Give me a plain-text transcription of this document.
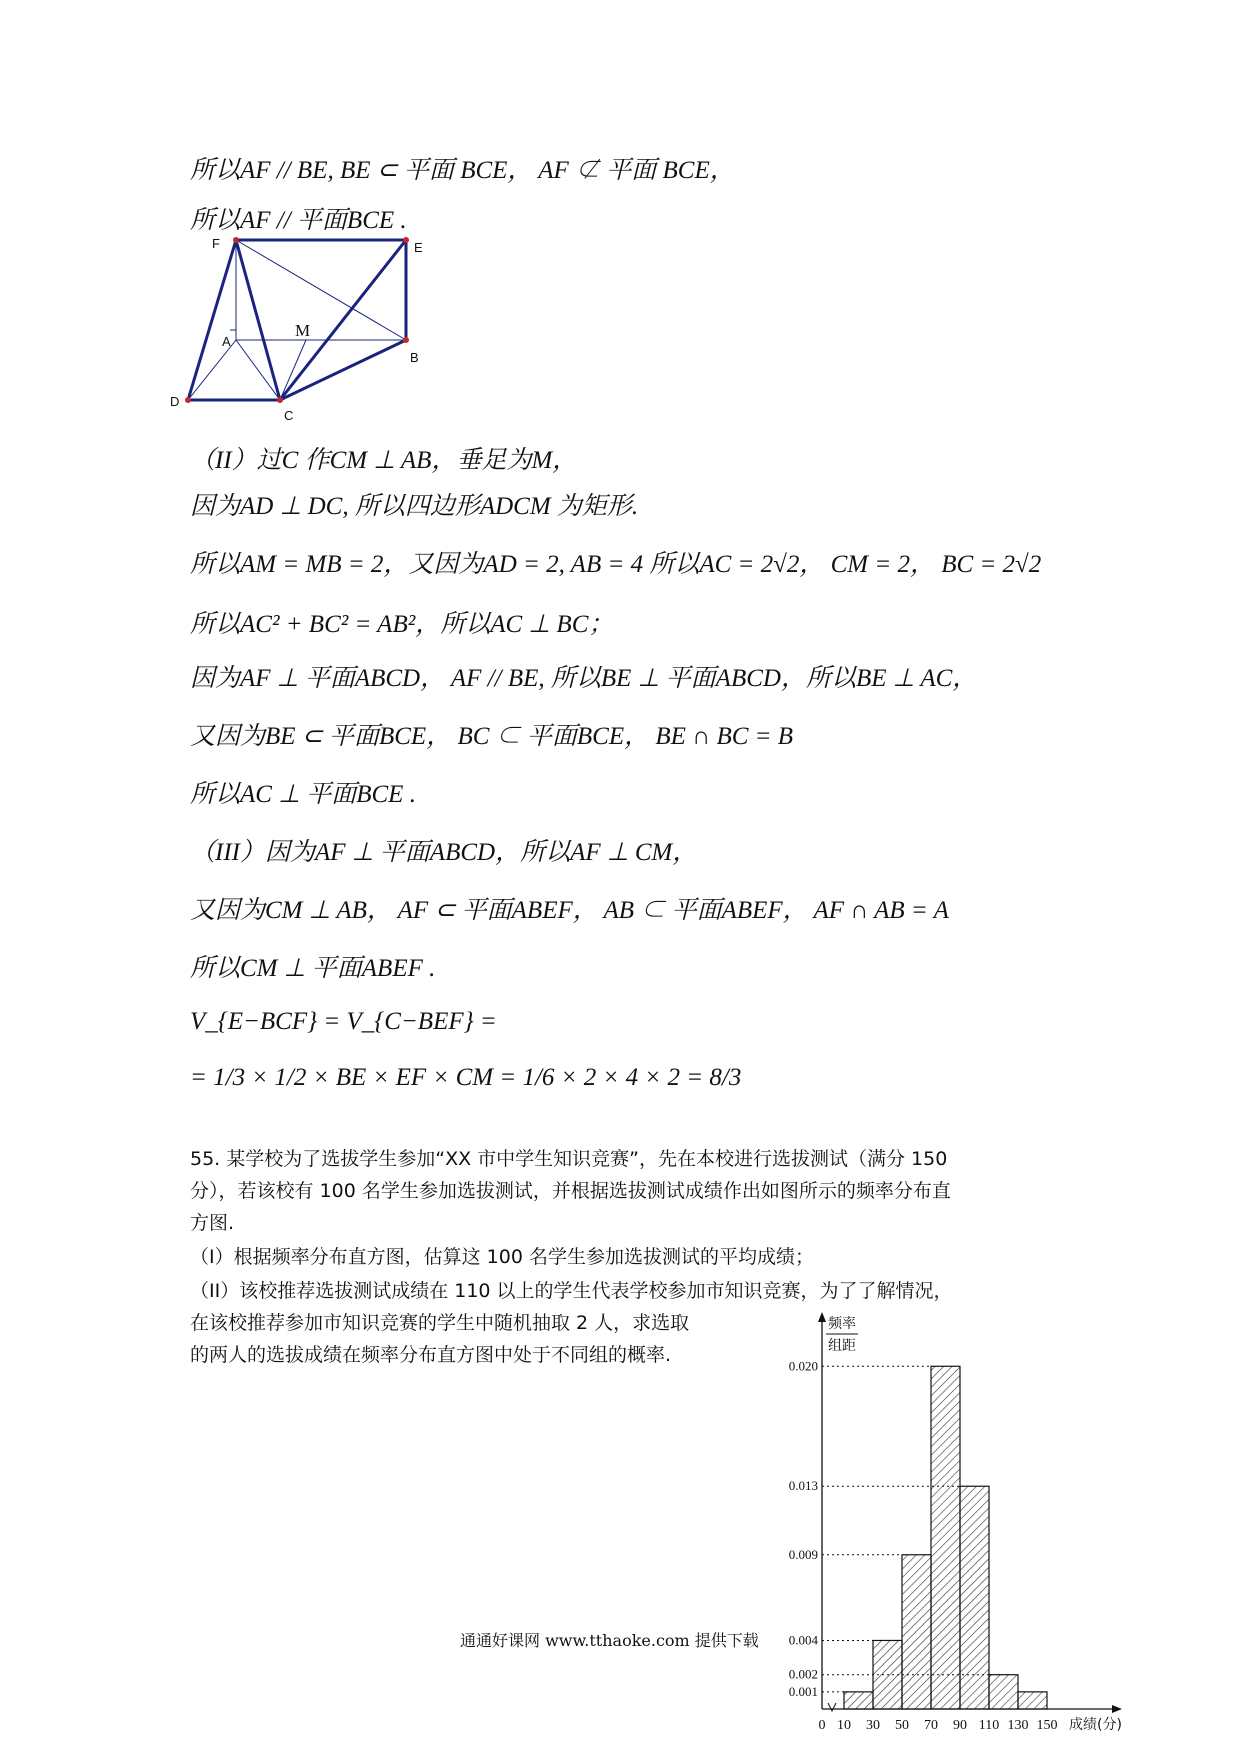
所以AF // BE, BE ⊂ 平面 BCE， AF ⊄ 平面 BCE，
所以AF // 平面BCE .
F	E
A
M
B
D
C
（II）过C 作CM ⊥ AB，垂足为M，
因为AD ⊥ DC, 所以四边形ADCM 为矩形.
所以AM = MB = 2，又因为AD = 2, AB = 4 所以AC = 2√2， CM = 2， BC = 2√2
所以AC² + BC² = AB²，所以AC ⊥ BC；
因为AF ⊥ 平面ABCD， AF // BE, 所以BE ⊥ 平面ABCD，所以BE ⊥ AC，
又因为BE ⊂ 平面BCE， BC ⊂ 平面BCE， BE ∩ BC = B
所以AC ⊥ 平面BCE .
（III）因为AF ⊥ 平面ABCD，所以AF ⊥ CM，
又因为CM ⊥ AB， AF ⊂ 平面ABEF， AB ⊂ 平面ABEF， AF ∩ AB = A
所以CM ⊥ 平面ABEF .
V_{E−BCF} = V_{C−BEF} =
= 1/3 × 1/2 × BE × EF × CM = 1/6 × 2 × 4 × 2 = 8/3
55. 某学校为了选拔学生参加“XX 市中学生知识竞赛”，先在本校进行选拔测试（满分 150
分），若该校有 100 名学生参加选拔测试，并根据选拔测试成绩作出如图所示的频率分布直
方图.
（I）根据频率分布直方图，估算这 100 名学生参加选拔测试的平均成绩；
（II）该校推荐选拔测试成绩在 110 以上的学生代表学校参加市知识竞赛，为了了解情况，
在该校推荐参加市知识竞赛的学生中随机抽取 2 人，求选取
的两人的选拔成绩在频率分布直方图中处于不同组的概率.
通通好课网 www.tthaoke.com 提供下载
0.001
0.002
0.004
0.009
0.013
0.020
10 30 50 70 90 110 130 150
0	成绩(分)
频率
组距
